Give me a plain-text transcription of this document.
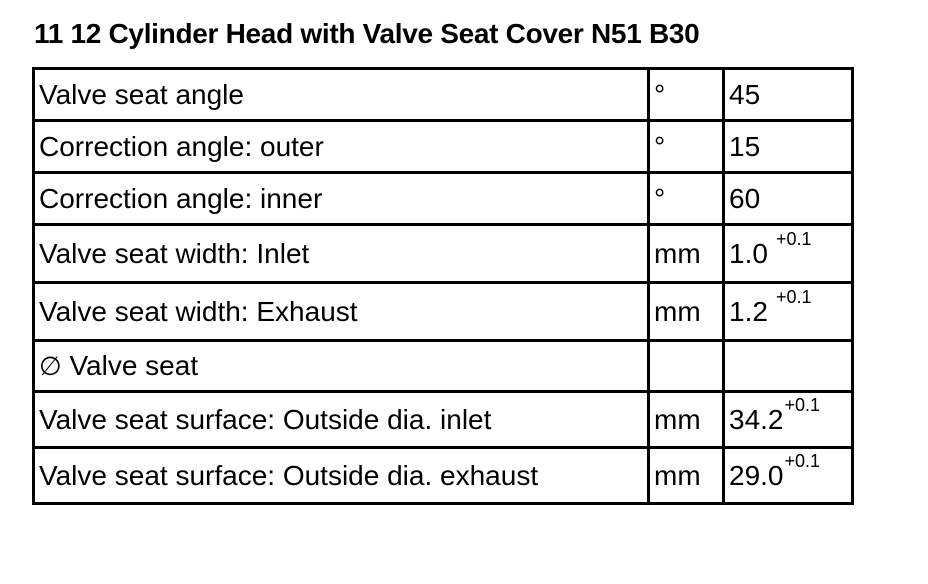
11 12 Cylinder Head with Valve Seat Cover N51 B30
Valve seat angle	°	45
Correction angle: outer	°	15
Correction angle: inner	°	60
Valve seat width: Inlet	mm	1.0 $^{+0.1}$
Valve seat width: Exhaust	mm	1.2 $^{+0.1}$
∅ Valve seat		
Valve seat surface: Outside dia. inlet	mm	$34.2^{+0.1}$
Valve seat surface: Outside dia. exhaust	mm	$29.0^{+0.1}$
